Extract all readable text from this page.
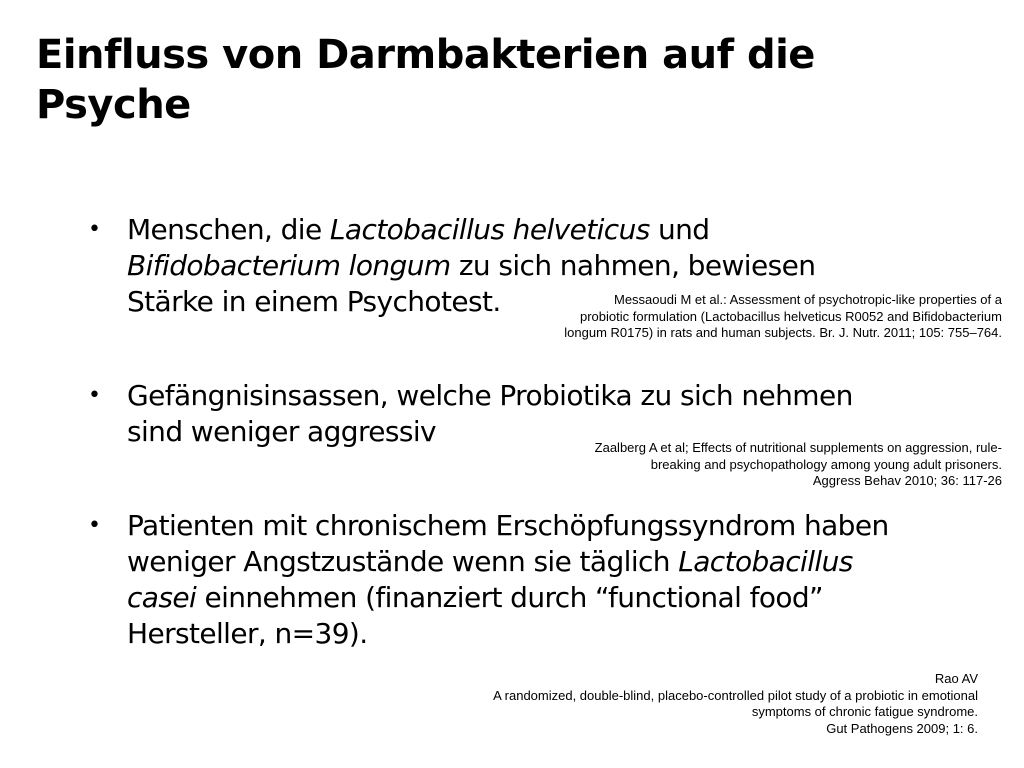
Einfluss von Darmbakterien auf die
Psyche
• Menschen, die Lactobacillus helveticus und
Bifidobacterium longum zu sich nahmen, bewiesen
Stärke in einem Psychotest.	Messaoudi M et al.: Assessment of psychotropic-like properties of a
probiotic formulation (Lactobacillus helveticus R0052 and Bifidobacterium
longum R0175) in rats and human subjects. Br. J. Nutr. 2011; 105: 755–764.
• Gefängnisinsassen, welche Probiotika zu sich nehmen
sind weniger aggressiv	Zaalberg A et al; Effects of nutritional supplements on aggression, rule-
breaking and psychopathology among young adult prisoners.
Aggress Behav 2010; 36: 117-26
• Patienten mit chronischem Erschöpfungssyndrom haben
weniger Angstzustände wenn sie täglich Lactobacillus
casei einnehmen (finanziert durch “functional food”
Hersteller, n=39).
Rao AV
A randomized, double-blind, placebo-controlled pilot study of a probiotic in emotional
symptoms of chronic fatigue syndrome.
Gut Pathogens 2009; 1: 6.
